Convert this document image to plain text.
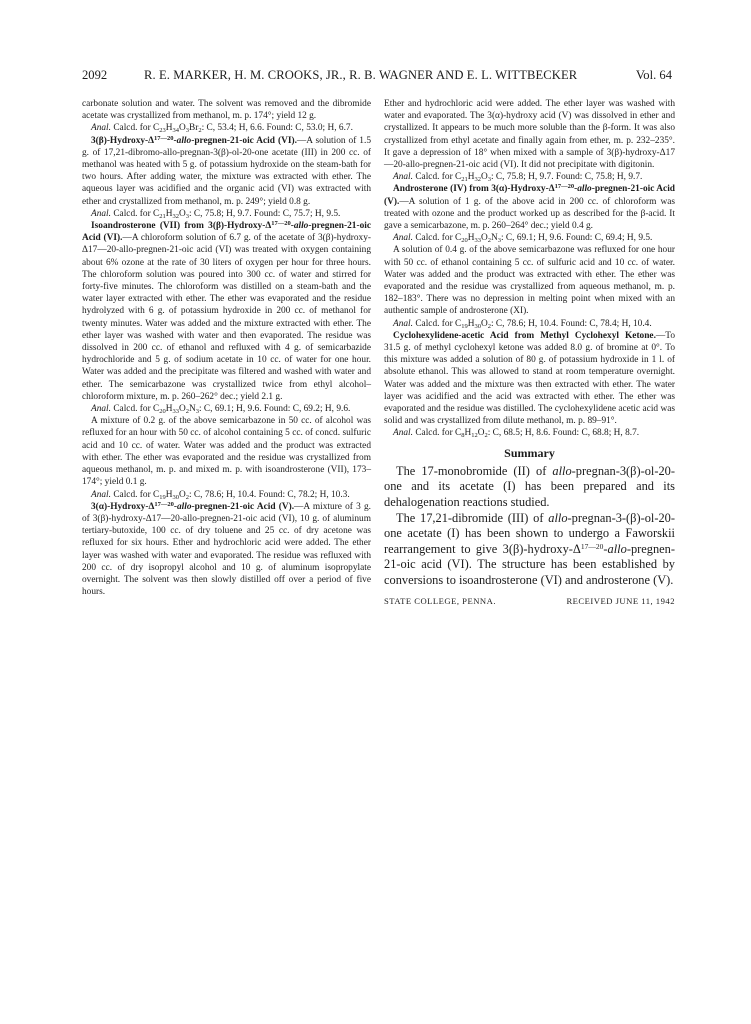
2092	R. E. MARKER, H. M. CROOKS, JR., R. B. WAGNER AND E. L. WITTBECKER	Vol. 64

carbonate solution and water. The solvent was removed and the dibromide acetate was crystallized from methanol, m. p. 174°; yield 12 g.

Anal. Calcd. for $C_{23}H_{34}O_3Br_2$: C, 53.4; H, 6.6. Found: C, 53.0; H, 6.7.

$3(\beta)-Hydroxy-\Delta^{17—20}-allo-pregnen-21$-oic Acid (VI).—A solution of 1.5 g. of 17,21-dibromo-allo-pregnan-3(β)-ol-20-one acetate (III) in 200 cc. of methanol was heated with 5 g. of potassium hydroxide on the steam-bath for two hours. After adding water, the mixture was extracted with ether. The aqueous layer was acidified and the organic acid (VI) was extracted with ether and crystallized from methanol, m. p. 249°; yield 0.8 g.

Anal. Calcd. for $C_{21}H_{32}O_3$: C, 75.8; H, 9.7. Found: C, 75.7; H, 9.5.

Isoandrosterone (VII) from $3(\beta)-Hydroxy-\Delta^{17—20}-allo-pregnen-21$-oic Acid (VI).—A chloroform solution of 6.7 g. of the acetate of 3(β)-hydroxy-Δ17—20-allo-pregnen-21-oic acid (VI) was treated with oxygen containing about 6% ozone at the rate of 30 liters of oxygen per hour for three hours. The chloroform solution was poured into 300 cc. of water and stirred for forty-five minutes. The chloroform was distilled on a steam-bath and the water layer extracted with ether. The ether was evaporated and the residue hydrolyzed with 6 g. of potassium hydroxide in 200 cc. of methanol for twenty minutes. Water was added and the mixture extracted with ether. The ether layer was washed with water and then evaporated. The residue was dissolved in 200 cc. of ethanol and refluxed with 4 g. of semicarbazide hydrochloride and 5 g. of sodium acetate in 10 cc. of water for one hour. Water was added and the precipitate was filtered and washed with water and ether. The semicarbazone was crystallized twice from ethyl alcohol–chloroform mixture, m. p. 260–262° dec.; yield 2.1 g.

Anal. Calcd. for $C_{20}H_{33}O_2N_3$: C, 69.1; H, 9.6. Found: C, 69.2; H, 9.6.

A mixture of 0.2 g. of the above semicarbazone in 50 cc. of alcohol was refluxed for an hour with 50 cc. of alcohol containing 5 cc. of concd. sulfuric acid and 10 cc. of water. Water was added and the product was extracted with ether. The ether was evaporated and the residue was crystallized from aqueous methanol, m. p. and mixed m. p. with isoandrosterone (VII), 173–174°; yield 0.1 g.

Anal. Calcd. for $C_{19}H_{30}O_2$: C, 78.6; H, 10.4. Found: C, 78.2; H, 10.3.

$3(\alpha)-Hydroxy-\Delta^{17—20}-allo-pregnen-21$-oic Acid (V).—A mixture of 3 g. of 3(β)-hydroxy-Δ17—20-allo-pregnen-21-oic acid (VI), 10 g. of aluminum tertiary-butoxide, 100 cc. of dry toluene and 25 cc. of dry acetone was refluxed for six hours. Ether and hydrochloric acid were added. The ether layer was washed with water and evaporated. The residue was refluxed with 200 cc. of dry isopropyl alcohol and 10 g. of aluminum isopropylate overnight. The solvent was then slowly distilled off over a period of five hours.

Ether and hydrochloric acid were added. The ether layer was washed with water and evaporated. The 3(α)-hydroxy acid (V) was dissolved in ether and crystallized. It appears to be much more soluble than the β-form. It was also crystallized from ethyl acetate and finally again from ether, m. p. 232–235°. It gave a depression of 18° when mixed with a sample of 3(β)-hydroxy-Δ17—20-allo-pregnen-21-oic acid (VI). It did not precipitate with digitonin.

Anal. Calcd. for $C_{21}H_{32}O_3$: C, 75.8; H, 9.7. Found: C, 75.8; H, 9.7.

Androsterone (IV) from $3(\alpha)-Hydroxy-\Delta^{17—20}-allo-pregnen-21$-oic Acid (V).—A solution of 1 g. of the above acid in 200 cc. of chloroform was treated with ozone and the product worked up as described for the β-acid. It gave a semicarbazone, m. p. 260–264° dec.; yield 0.4 g.

Anal. Calcd. for $C_{20}H_{33}O_2N_3$: C, 69.1; H, 9.6. Found: C, 69.4; H, 9.5.

A solution of 0.4 g. of the above semicarbazone was refluxed for one hour with 50 cc. of ethanol containing 5 cc. of sulfuric acid and 10 cc. of water. Water was added and the product was extracted with ether. The ether was evaporated and the residue was crystallized from aqueous methanol, m. p. 182–183°. There was no depression in melting point when mixed with an authentic sample of androsterone (XI).

Anal. Calcd. for $C_{19}H_{30}O_2$: C, 78.6; H, 10.4. Found: C, 78.4; H, 10.4.

Cyclohexylidene-acetic Acid from Methyl Cyclohexyl Ketone.—To 31.5 g. of methyl cyclohexyl ketone was added 8.0 g. of bromine at 0°. To this mixture was added a solution of 80 g. of potassium hydroxide in 1 l. of absolute ethanol. This was allowed to stand at room temperature overnight. Water was added and the mixture was then extracted with ether. The water layer was acidified and the acid was extracted with ether. The ether was evaporated and the residue was distilled. The cyclohexylidene acetic acid was solid and was crystallized from dilute methanol, m. p. 89–91°.

Anal. Calcd. for $C_8H_{12}O_2$: C, 68.5; H, 8.6. Found: C, 68.8; H, 8.7.

Summary

The 17-monobromide (II) of allo-pregnan-3(β)-ol-20-one and its acetate (I) has been prepared and its dehalogenation reactions studied.

The 17,21-dibromide (III) of allo-pregnan-3-(β)-ol-20-one acetate (I) has been shown to undergo a Faworskii rearrangement to give $3(\beta)-hydroxy-\Delta^{17—20}-allo-pregnen-21$-oic acid (VI). The structure has been established by conversions to isoandrosterone (VI) and androsterone (V).

STATE COLLEGE, PENNA.	RECEIVED JUNE 11, 1942
